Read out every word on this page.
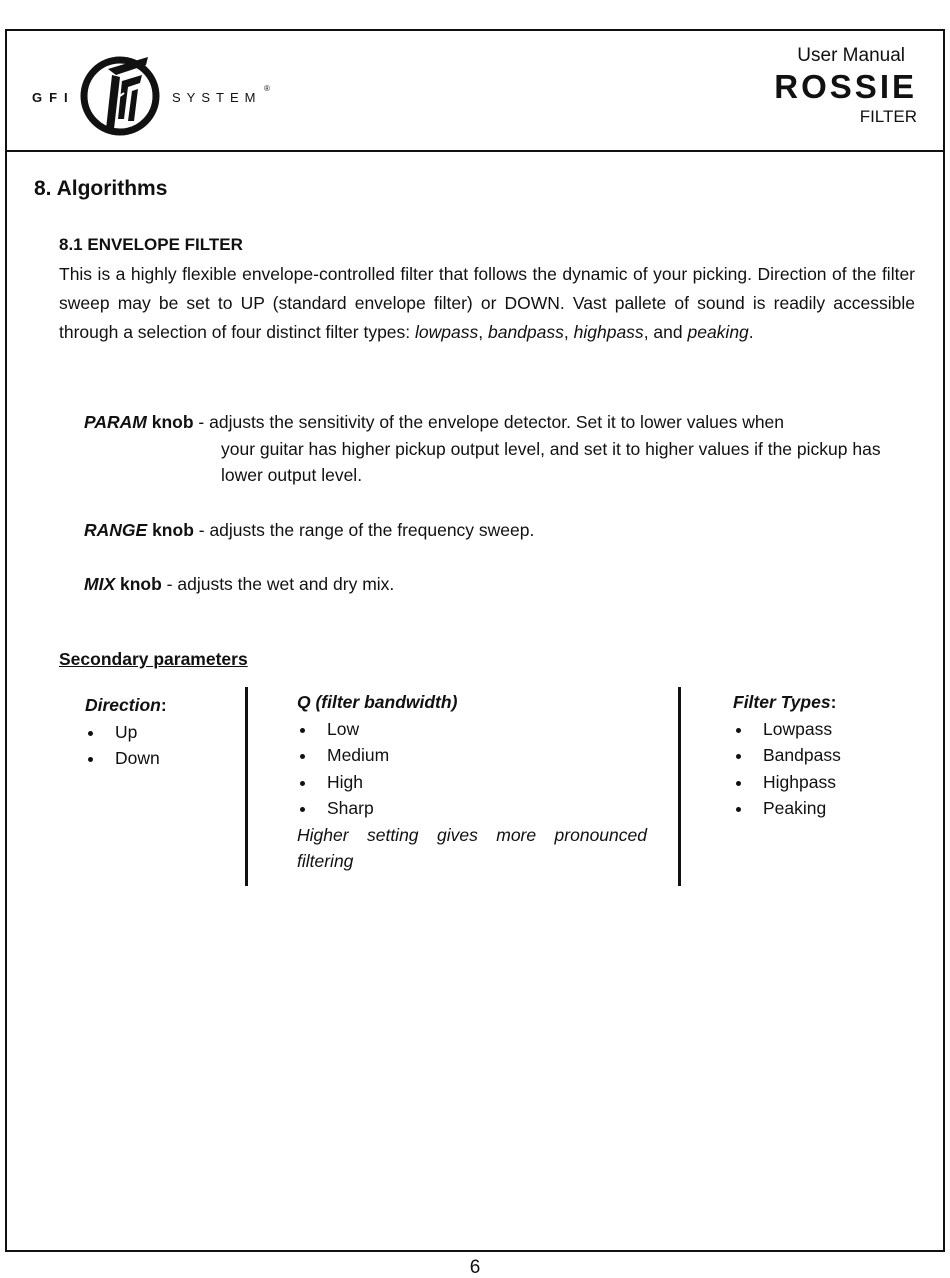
GFI	SYSTEM
®
User Manual
ROSSIE
FILTER
8. Algorithms
8.1 ENVELOPE FILTER

This is a highly flexible envelope-controlled filter that follows the dynamic of your picking. Direction of the filter sweep may be set to UP (standard envelope filter) or DOWN. Vast pallete of sound is readily accessible through a selection of four distinct filter types: lowpass, bandpass, highpass, and peaking.

PARAM knob - adjusts the sensitivity of the envelope detector. Set it to lower values when
your guitar has higher pickup output level, and set it to higher values if the pickup has lower output level.
RANGE knob - adjusts the range of the frequency sweep.
MIX knob - adjusts the wet and dry mix.
Secondary parameters
Direction:
Up
Down
Q (filter bandwidth)
Low
Medium
High
Sharp
Higher setting gives more pronounced filtering
Filter Types:
Lowpass
Bandpass
Highpass
Peaking
6
